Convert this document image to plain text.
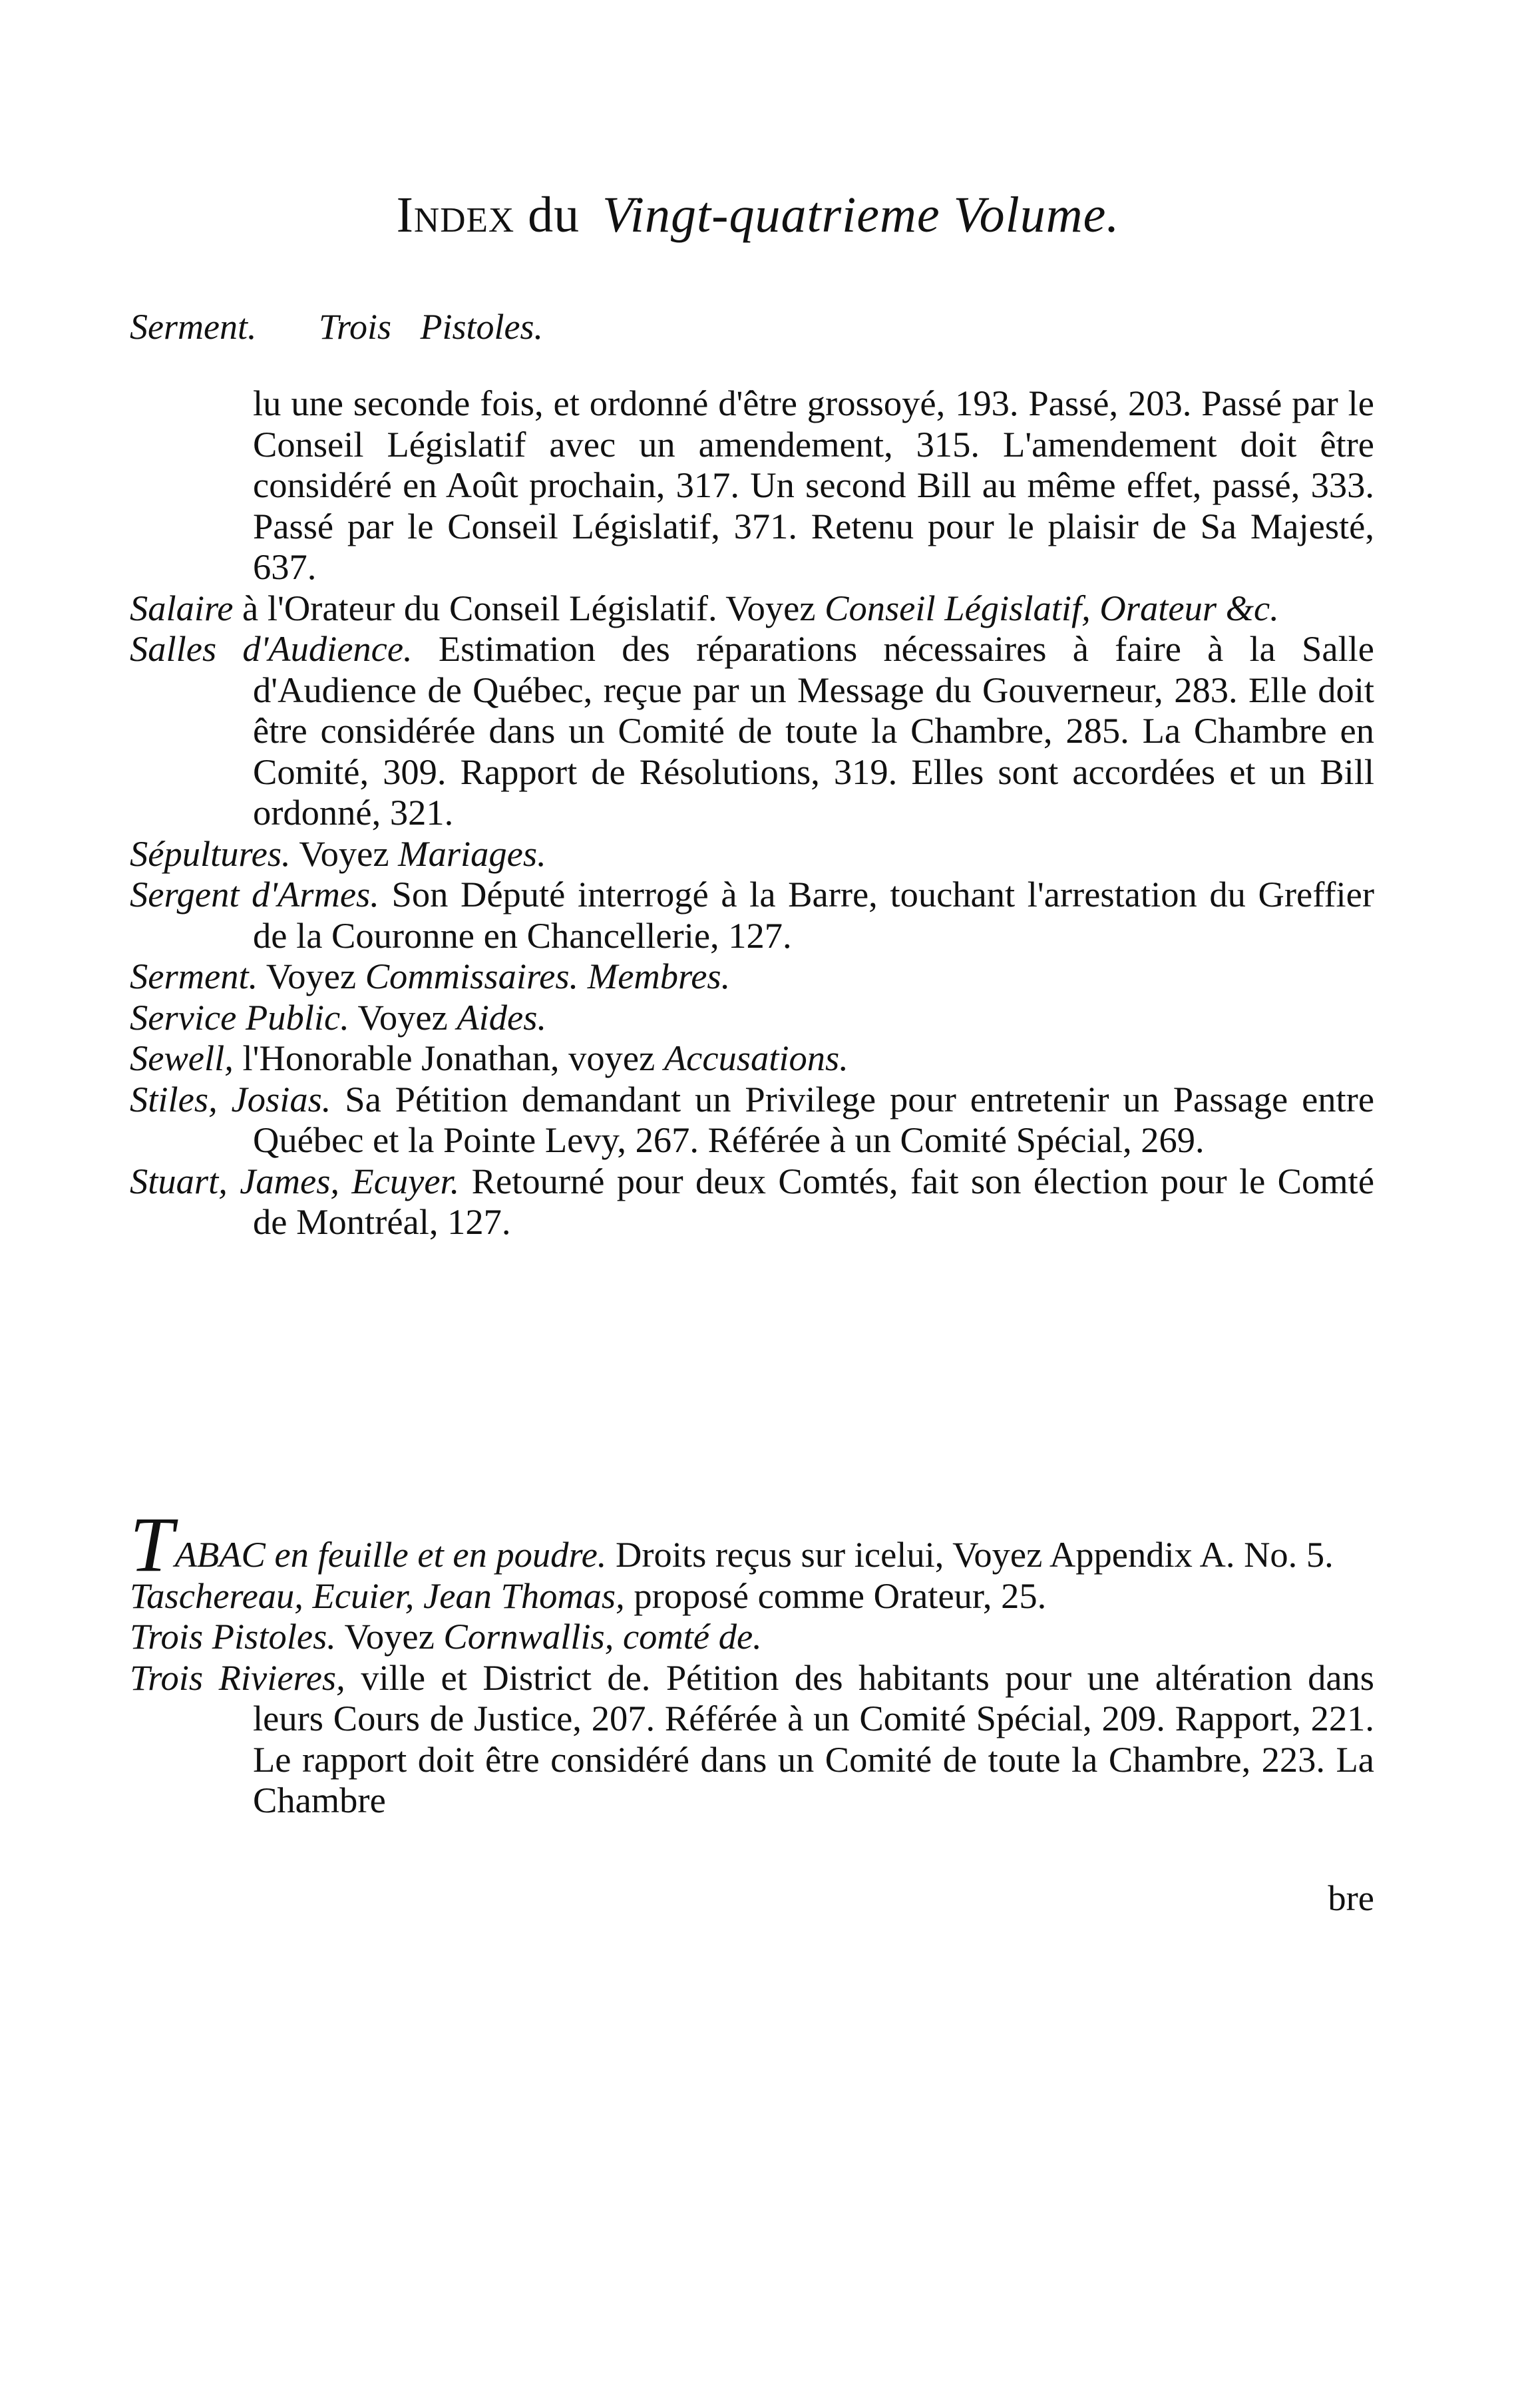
Index du Vingt-quatrieme Volume.
Serment. Trois Pistoles.
lu une seconde fois, et ordonné d'être grossoyé, 193. Passé, 203. Passé par le Conseil Législatif avec un amendement, 315. L'amendement doit être considéré en Août prochain, 317. Un second Bill au même effet, passé, 333. Passé par le Conseil Législatif, 371. Retenu pour le plaisir de Sa Majesté, 637.
Salaire à l'Orateur du Conseil Législatif. Voyez Conseil Législatif, Orateur &c.
Salles d'Audience. Estimation des réparations nécessaires à faire à la Salle d'Audience de Québec, reçue par un Message du Gouverneur, 283. Elle doit être considérée dans un Comité de toute la Chambre, 285. La Chambre en Comité, 309. Rapport de Résolutions, 319. Elles sont accordées et un Bill ordonné, 321.
Sépultures. Voyez Mariages.
Sergent d'Armes. Son Député interrogé à la Barre, touchant l'arrestation du Greffier de la Couronne en Chancellerie, 127.
Serment. Voyez Commissaires. Membres.
Service Public. Voyez Aides.
Sewell, l'Honorable Jonathan, voyez Accusations.
Stiles, Josias. Sa Pétition demandant un Privilege pour entretenir un Passage entre Québec et la Pointe Levy, 267. Référée à un Comité Spécial, 269.
Stuart, James, Ecuyer. Retourné pour deux Comtés, fait son élection pour le Comté de Montréal, 127.
TABAC en feuille et en poudre. Droits reçus sur icelui, Voyez Appendix A. No. 5.
Taschereau, Ecuier, Jean Thomas, proposé comme Orateur, 25.
Trois Pistoles. Voyez Cornwallis, comté de.
Trois Rivieres, ville et District de. Pétition des habitants pour une altération dans leurs Cours de Justice, 207. Référée à un Comité Spécial, 209. Rapport, 221. Le rapport doit être considéré dans un Comité de toute la Chambre, 223. La Chambre
bre
